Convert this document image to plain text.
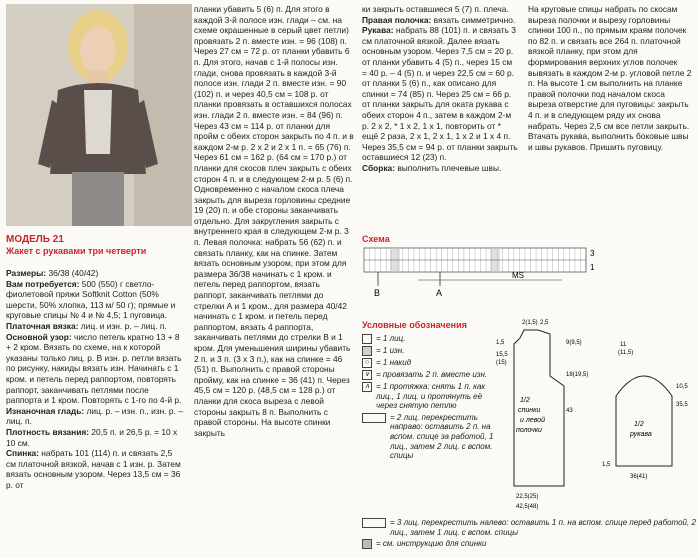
МОДЕЛЬ 21
Жакет с рукавами три четверти

Размеры: 36/38 (40/42)

Вам потребуется: 500 (550) г светло-фиолетовой пряжи Softknit Cotton (50% шерсти, 50% хлопка, 113 м/ 50 г); прямые и круговые спицы № 4 и № 4,5; 1 пуговица.

Платочная вязка: лиц. и изн. р. – лиц. п.

Основной узор: число петель кратно 13 + 8 + 2 кром. Вязать по схеме, на к которой указаны только лиц. р. В изн. р. петли вязать по рисунку, накиды вязать изн. Начинать с 1 кром. и петель перед раппортом, повторять раппорт, заканчивать петлями после раппорта и 1 кром. Повторять с 1-го по 4-й р.

Изнаночная гладь: лиц. р. – изн. п., изн. р. – лиц. п.

Плотность вязания: 20,5 п. и 26,5 р. = 10 x 10 см.

Спинка: набрать 101 (114) п. и связать 2,5 см платочной вязкой, начав с 1 изн. р. Затем вязать основным узором. Через 13,5 см = 36 р. от

планки убавить 5 (6) п. Для этого в каждой 3-й полосе изн. глади – см. на схеме окрашенные в серый цвет петли) провязать 2 п. вместе изн. = 96 (108) п. Через 27 см = 72 р. от планки убавить 6 п. Для этого, начав с 1-й полосы изн. глади, снова провязать в каждой 3-й полосе изн. глади 2 п. вместе изн. = 90 (102) п. и через 40,5 см = 108 р. от планки провязать в оставшихся полосах изн. глади 2 п. вместе изн. = 84 (96) п. Через 43 см = 114 р. от планки для пройм с обеих сторон закрыть по 4 п. и в каждом 2-м р. 2 x 2 и 2 x 1 п. = 65 (76) п. Через 61 см = 162 р. (64 см = 170 р.) от планки для скосов плеч закрыть с обеих сторон 4 п. и в следующем 2-м р. 5 (6) п. Одновременно с началом скоса плеча закрыть для выреза горловины средние 19 (20) п. и обе стороны заканчивать отдельно. Для закругления закрыть с внутреннего края в следующем 2-м р. 3 п. Левая полочка: набрать 56 (62) п. и связать планку, как на спинке. Затем вязать основным узором, при этом для размера 36/38 начинать с 1 кром. и петель перед раппортом, вязать раппорт, заканчивать петлями до стрелки А и 1 кром., для размера 40/42 начинать с 1 кром. и петель перед раппортом, вязать 4 раппорта, заканчивать петлями до стрелки B и 1 кром. Для уменьшения ширины убавить 2 п. и 3 п. (3 x 3 п.), как на спинке = 46 (51) п. Выполнить с правой стороны пройму, как на спинке = 36 (41) п. Через 45,5 см = 120 р. (48,5 см = 128 р.) от планки для скоса выреза с левой стороны закрыть 8 п. Выполнить с правой стороны. На высоте спинки закрыть

ки закрыть оставшиеся 5 (7) п. плеча.

Правая полочка: вязать симметрично.

Рукава: набрать 88 (101) п. и связать 3 см платочной вязкой. Далее вязать основным узором. Через 7,5 см = 20 р. от планки убавить 4 (5) п., через 15 см = 40 р. – 4 (5) п. и через 22,5 см = 60 р. от планки 5 (6) п., как описано для спинки = 74 (85) п. Через 25 см = 66 р. от планки закрыть для оката рукава с обеих сторон 4 п., затем в каждом 2-м р. 2 x 2, * 1 x 2, 1 x 1, повторить от * ещё 2 раза, 2 x 1, 2 x 1, 1 x 2 и 1 x 4 п. Через 35,5 см = 94 р. от планки закрыть оставшиеся 12 (23) п.

Сборка: выполнить плечевые швы.

На круговые спицы набрать по скосам выреза полочки и вырезу горловины спинки 100 п., по прямым краям полочек по 82 п. и связать все 264 п. платочной вязкой планку, при этом для формирования верхних углов полочек вывязать в каждом 2-м р. угловой петле 2 п. На высоте 1 см выполнить на планке правой полочки под началом скоса выреза отверстие для пуговицы: закрыть 4 п. и в следующем ряду их снова набрать. Через 2,5 см все петли закрыть. Втачать рукава, выполнить боковые швы и швы рукавов. Пришить пуговицу.

Схема
3
1
B	A
MS
Условные обозначения
= 1 лиц.
= 1 изн.
○ = 1 накид
∨ = провязать 2 п. вместе изн.
∧ = 1 протяжка: снять 1 п. как лиц., 1 лиц. и протянуть её через снятую петлю
= 2 лиц. перекрестить направо: оставить 2 п. на вспом. спице за работой, 1 лиц., затем 2 лиц. с вспом. спицы
= 3 лиц. перекрестить налево: оставить 1 п. на вспом. спице перед работой, 2 лиц., затем 1 лиц. с вспом. спицы
= см. инструкцию для спинки
2(1,5) 2,5
1,5
15,5
(15)
9(9,5)
18(19,5)
43
1/2
спинки
и левой
полочки
22,5(25)
42,5(48)
11
(11,5)
10,5
35,5
1/2
рукава
36(41)
1,5
